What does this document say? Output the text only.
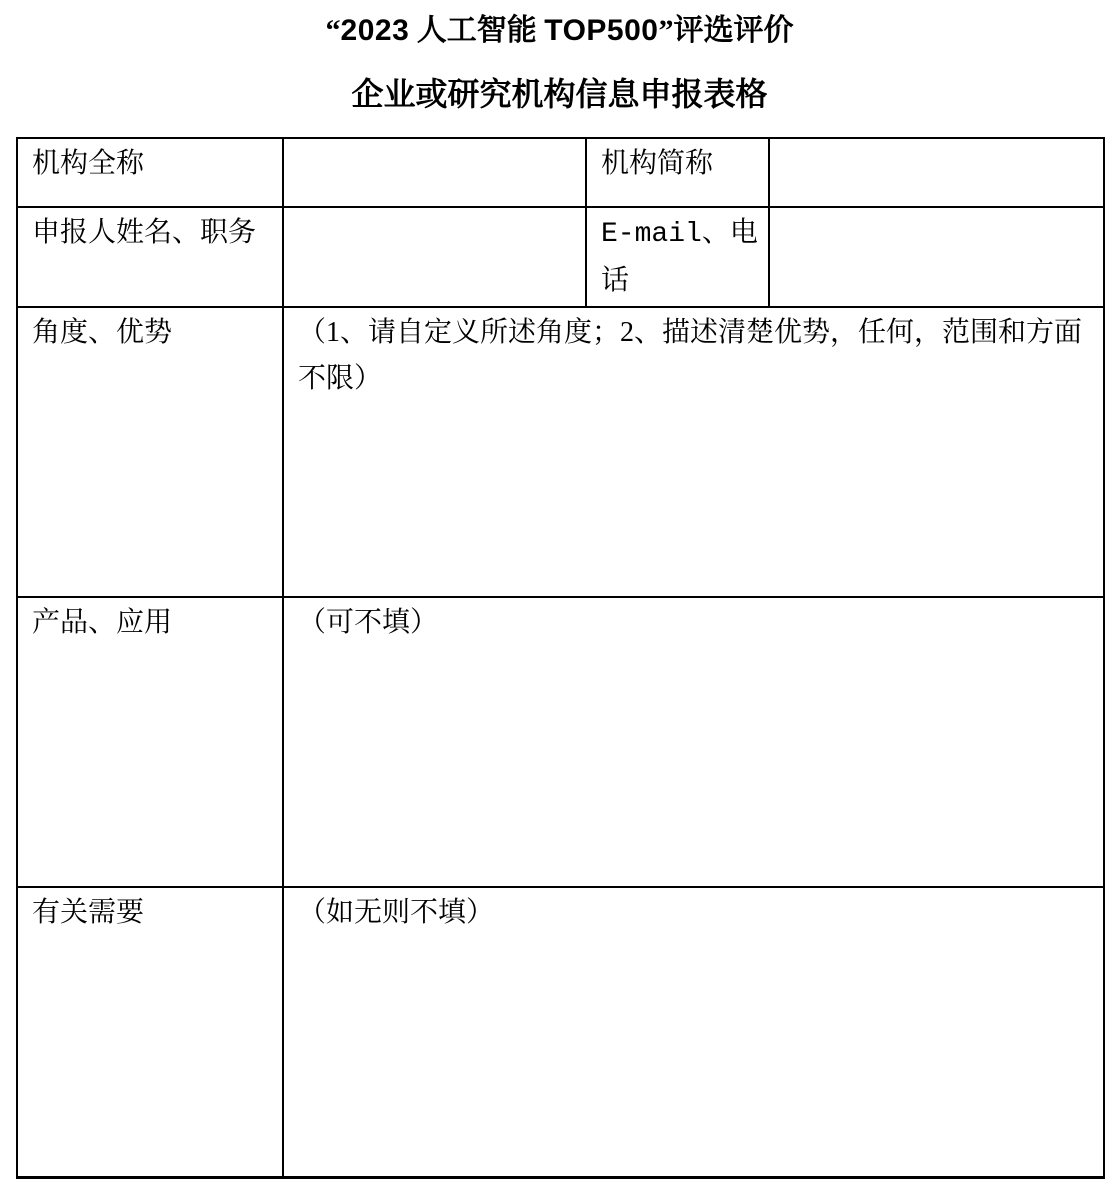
“2023 人工智能 TOP500”评选评价
企业或研究机构信息申报表格
机构全称		机构简称	
申报人姓名、职务		E-mail、电话	
角度、优势	（1、请自定义所述角度；2、描述清楚优势，任何，范围和方面不限）		
产品、应用	（可不填）		
有关需要	（如无则不填）		
